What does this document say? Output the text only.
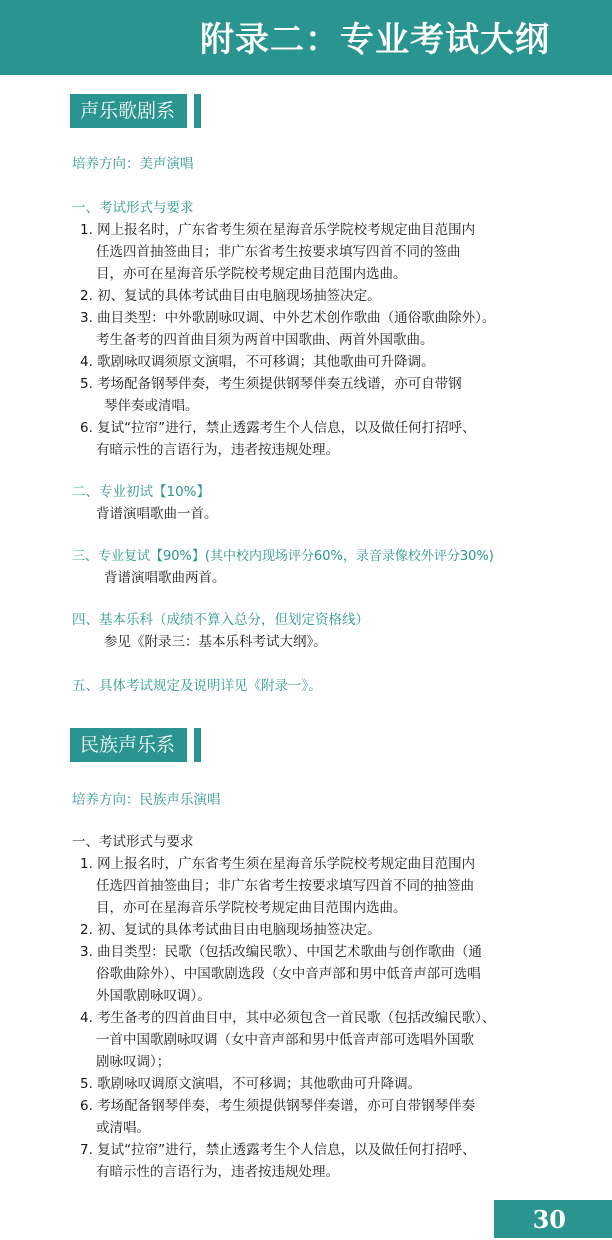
附录二：专业考试大纲
声乐歌剧系
培养方向：美声演唱
一、考试形式与要求
1. 网上报名时，广东省考生须在星海音乐学院校考规定曲目范围内
任选四首抽签曲目；非广东省考生按要求填写四首不同的签曲
目，亦可在星海音乐学院校考规定曲目范围内选曲。
2. 初、复试的具体考试曲目由电脑现场抽签决定。
3. 曲目类型：中外歌剧咏叹调、中外艺术创作歌曲（通俗歌曲除外）。
考生备考的四首曲目须为两首中国歌曲、两首外国歌曲。
4. 歌剧咏叹调须原文演唱，不可移调；其他歌曲可升降调。
5. 考场配备钢琴伴奏，考生须提供钢琴伴奏五线谱，亦可自带钢
琴伴奏或清唱。
6. 复试“拉帘”进行，禁止透露考生个人信息，以及做任何打招呼、
有暗示性的言语行为，违者按违规处理。
二、专业初试【10%】
背谱演唱歌曲一首。
三、专业复试【90%】(其中校内现场评分60%，录音录像校外评分30%)
背谱演唱歌曲两首。
四、基本乐科（成绩不算入总分，但划定资格线）
参见《附录三：基本乐科考试大纲》。
五、具体考试规定及说明详见《附录一》。
民族声乐系
培养方向：民族声乐演唱
一、考试形式与要求
1. 网上报名时，广东省考生须在星海音乐学院校考规定曲目范围内
任选四首抽签曲目；非广东省考生按要求填写四首不同的抽签曲
目，亦可在星海音乐学院校考规定曲目范围内选曲。
2. 初、复试的具体考试曲目由电脑现场抽签决定。
3. 曲目类型：民歌（包括改编民歌）、中国艺术歌曲与创作歌曲（通
俗歌曲除外）、中国歌剧选段（女中音声部和男中低音声部可选唱
外国歌剧咏叹调）。
4. 考生备考的四首曲目中，其中必须包含一首民歌（包括改编民歌）、
一首中国歌剧咏叹调（女中音声部和男中低音声部可选唱外国歌
剧咏叹调）；
5. 歌剧咏叹调原文演唱，不可移调；其他歌曲可升降调。
6. 考场配备钢琴伴奏，考生须提供钢琴伴奏谱，亦可自带钢琴伴奏
或清唱。
7. 复试“拉帘”进行，禁止透露考生个人信息，以及做任何打招呼、
有暗示性的言语行为，违者按违规处理。
30
